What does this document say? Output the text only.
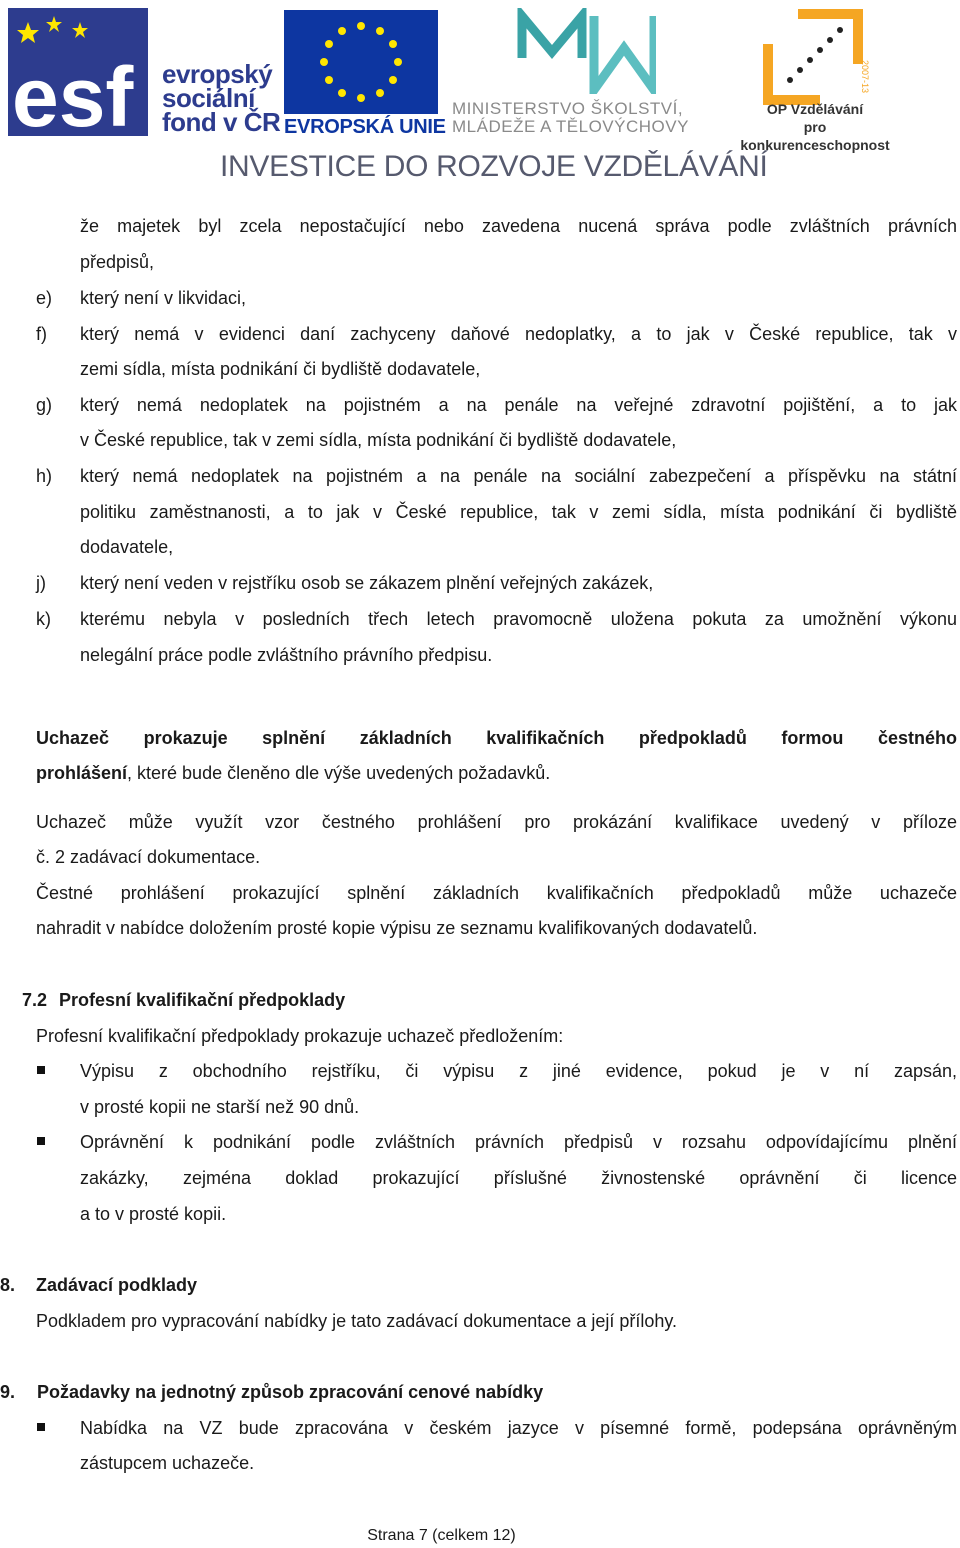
esf evropský
sociální
fond v ČR EVROPSKÁ UNIE
MINISTERSTVO ŠKOLSTVÍ,
MLÁDEŽE A TĚLOVÝCHOVY
2007-13
OP Vzdělávání
pro konkurenceschopnost
INVESTICE DO ROZVOJE VZDĚLÁVÁNÍ
že majetek byl zcela nepostačující nebo zavedena nucená správa podle zvláštních právních
předpisů,
e) který není v likvidaci,
f) který nemá v evidenci daní zachyceny daňové nedoplatky, a to jak v České republice, tak v
zemi sídla, místa podnikání či bydliště dodavatele,
g) který nemá nedoplatek na pojistném a na penále na veřejné zdravotní pojištění, a to jak
v České republice, tak v zemi sídla, místa podnikání či bydliště dodavatele,
h) který nemá nedoplatek na pojistném a na penále na sociální zabezpečení a příspěvku na státní
politiku zaměstnanosti, a to jak v České republice, tak v zemi sídla, místa podnikání či bydliště
dodavatele,
j) který není veden v rejstříku osob se zákazem plnění veřejných zakázek,
k) kterému nebyla v posledních třech letech pravomocně uložena pokuta za umožnění výkonu
nelegální práce podle zvláštního právního předpisu.
Uchazeč prokazuje splnění základních kvalifikačních předpokladů formou čestného
prohlášení, které bude členěno dle výše uvedených požadavků.
Uchazeč může využít vzor čestného prohlášení pro prokázání kvalifikace uvedený v příloze
č. 2 zadávací dokumentace.
Čestné prohlášení prokazující splnění základních kvalifikačních předpokladů může uchazeče
nahradit v nabídce doložením prosté kopie výpisu ze seznamu kvalifikovaných dodavatelů.
7.2 Profesní kvalifikační předpoklady
Profesní kvalifikační předpoklady prokazuje uchazeč předložením:
Výpisu z obchodního rejstříku, či výpisu z jiné evidence, pokud je v ní zapsán,
v prosté kopii ne starší než 90 dnů.
Oprávnění k podnikání podle zvláštních právních předpisů v rozsahu odpovídajícímu plnění
zakázky, zejména doklad prokazující příslušné živnostenské oprávnění či licence
a to v prosté kopii.
8.	Zadávací podklady
Podkladem pro vypracování nabídky je tato zadávací dokumentace a její přílohy.
9.	Požadavky na jednotný způsob zpracování cenové nabídky
Nabídka na VZ bude zpracována v českém jazyce v písemné formě, podepsána oprávněným
zástupcem uchazeče.
Strana 7 (celkem 12)
